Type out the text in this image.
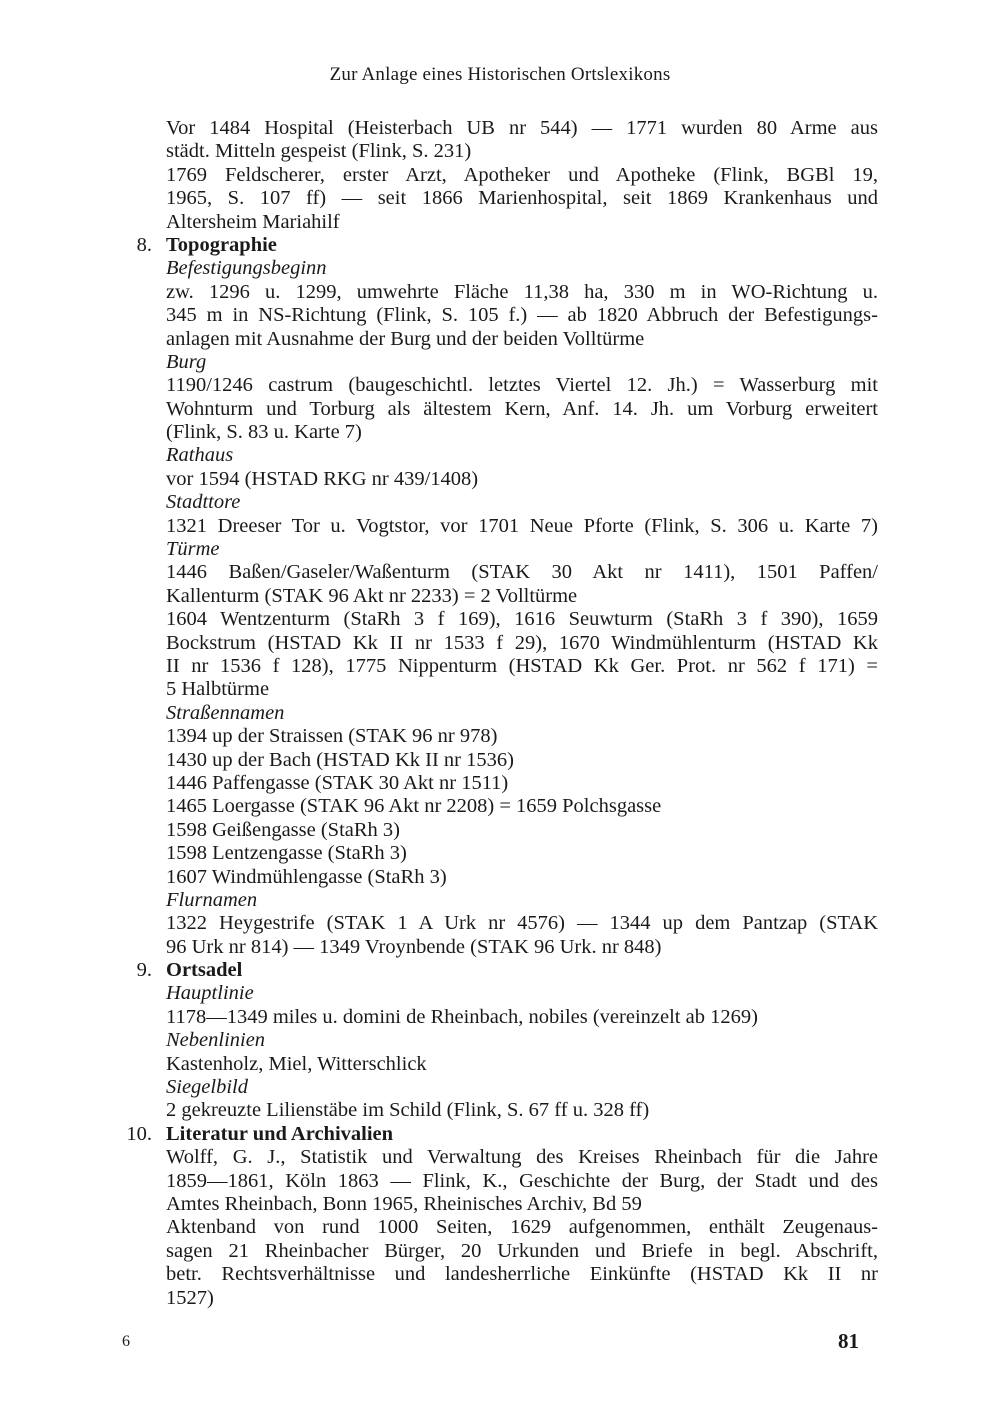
Zur Anlage eines Historischen Ortslexikons
Vor 1484 Hospital (Heisterbach UB nr 544) — 1771 wurden 80 Arme aus
städt. Mitteln gespeist (Flink, S. 231)
1769 Feldscherer, erster Arzt, Apotheker und Apotheke (Flink, BGBl 19,
1965, S. 107 ff) — seit 1866 Marienhospital, seit 1869 Krankenhaus und
Altersheim Mariahilf
8. Topographie
Befestigungsbeginn
zw. 1296 u. 1299, umwehrte Fläche 11,38 ha, 330 m in WO-Richtung u.
345 m in NS-Richtung (Flink, S. 105 f.) — ab 1820 Abbruch der Befestigungs-
anlagen mit Ausnahme der Burg und der beiden Volltürme
Burg
1190/1246 castrum (baugeschichtl. letztes Viertel 12. Jh.) = Wasserburg mit
Wohnturm und Torburg als ältestem Kern, Anf. 14. Jh. um Vorburg erweitert
(Flink, S. 83 u. Karte 7)
Rathaus
vor 1594 (HSTAD RKG nr 439/1408)
Stadttore
1321 Dreeser Tor u. Vogtstor, vor 1701 Neue Pforte (Flink, S. 306 u. Karte 7)
Türme
1446 Baßen/Gaseler/Waßenturm (STAK 30 Akt nr 1411), 1501 Paffen/
Kallenturm (STAK 96 Akt nr 2233) = 2 Volltürme
1604 Wentzenturm (StaRh 3 f 169), 1616 Seuwturm (StaRh 3 f 390), 1659
Bockstrum (HSTAD Kk II nr 1533 f 29), 1670 Windmühlenturm (HSTAD Kk
II nr 1536 f 128), 1775 Nippenturm (HSTAD Kk Ger. Prot. nr 562 f 171) =
5 Halbtürme
Straßennamen
1394 up der Straissen (STAK 96 nr 978)
1430 up der Bach (HSTAD Kk II nr 1536)
1446 Paffengasse (STAK 30 Akt nr 1511)
1465 Loergasse (STAK 96 Akt nr 2208) = 1659 Polchsgasse
1598 Geißengasse (StaRh 3)
1598 Lentzengasse (StaRh 3)
1607 Windmühlengasse (StaRh 3)
Flurnamen
1322 Heygestrife (STAK 1 A Urk nr 4576) — 1344 up dem Pantzap (STAK
96 Urk nr 814) — 1349 Vroynbende (STAK 96 Urk. nr 848)
9. Ortsadel
Hauptlinie
1178—1349 miles u. domini de Rheinbach, nobiles (vereinzelt ab 1269)
Nebenlinien
Kastenholz, Miel, Witterschlick
Siegelbild
2 gekreuzte Lilienstäbe im Schild (Flink, S. 67 ff u. 328 ff)
10. Literatur und Archivalien
Wolff, G. J., Statistik und Verwaltung des Kreises Rheinbach für die Jahre
1859—1861, Köln 1863 — Flink, K., Geschichte der Burg, der Stadt und des
Amtes Rheinbach, Bonn 1965, Rheinisches Archiv, Bd 59
Aktenband von rund 1000 Seiten, 1629 aufgenommen, enthält Zeugenaus-
sagen 21 Rheinbacher Bürger, 20 Urkunden und Briefe in begl. Abschrift,
betr. Rechtsverhältnisse und landesherrliche Einkünfte (HSTAD Kk II nr
1527)
6	81
